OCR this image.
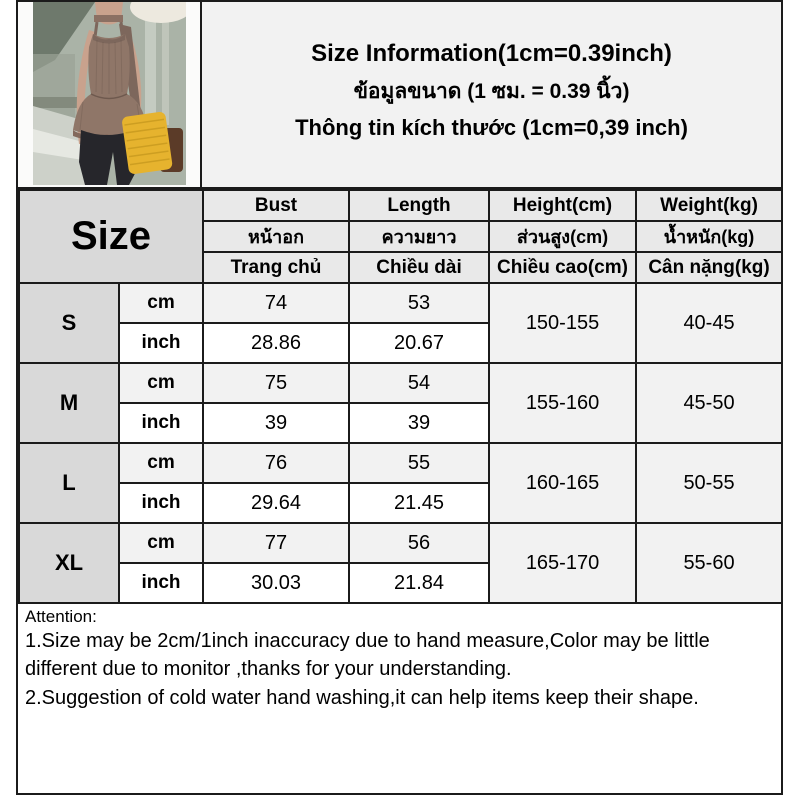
Size Information(1cm=0.39inch)
ข้อมูลขนาด (1 ซม. = 0.39 นิ้ว)
Thông tin kích thước (1cm=0,39 inch)
Size		Bust	Length	Height(cm)	Weight(kg)
		หน้าอก	ความยาว	ส่วนสูง(cm)	น้ำหนัก(kg)
		Trang chủ	Chiều dài	Chiều cao(cm)	Cân nặng(kg)
S	cm	74	53	150-155	40-45
	inch	28.86	20.67		
M	cm	75	54	155-160	45-50
	inch	39	39		
L	cm	76	55	160-165	50-55
	inch	29.64	21.45		
XL	cm	77	56	165-170	55-60
	inch	30.03	21.84		
Attention:
1.Size may be 2cm/1inch inaccuracy due to hand measure,Color may be little different due to monitor ,thanks for your understanding.
2.Suggestion of cold water hand washing,it can help items keep their shape.
